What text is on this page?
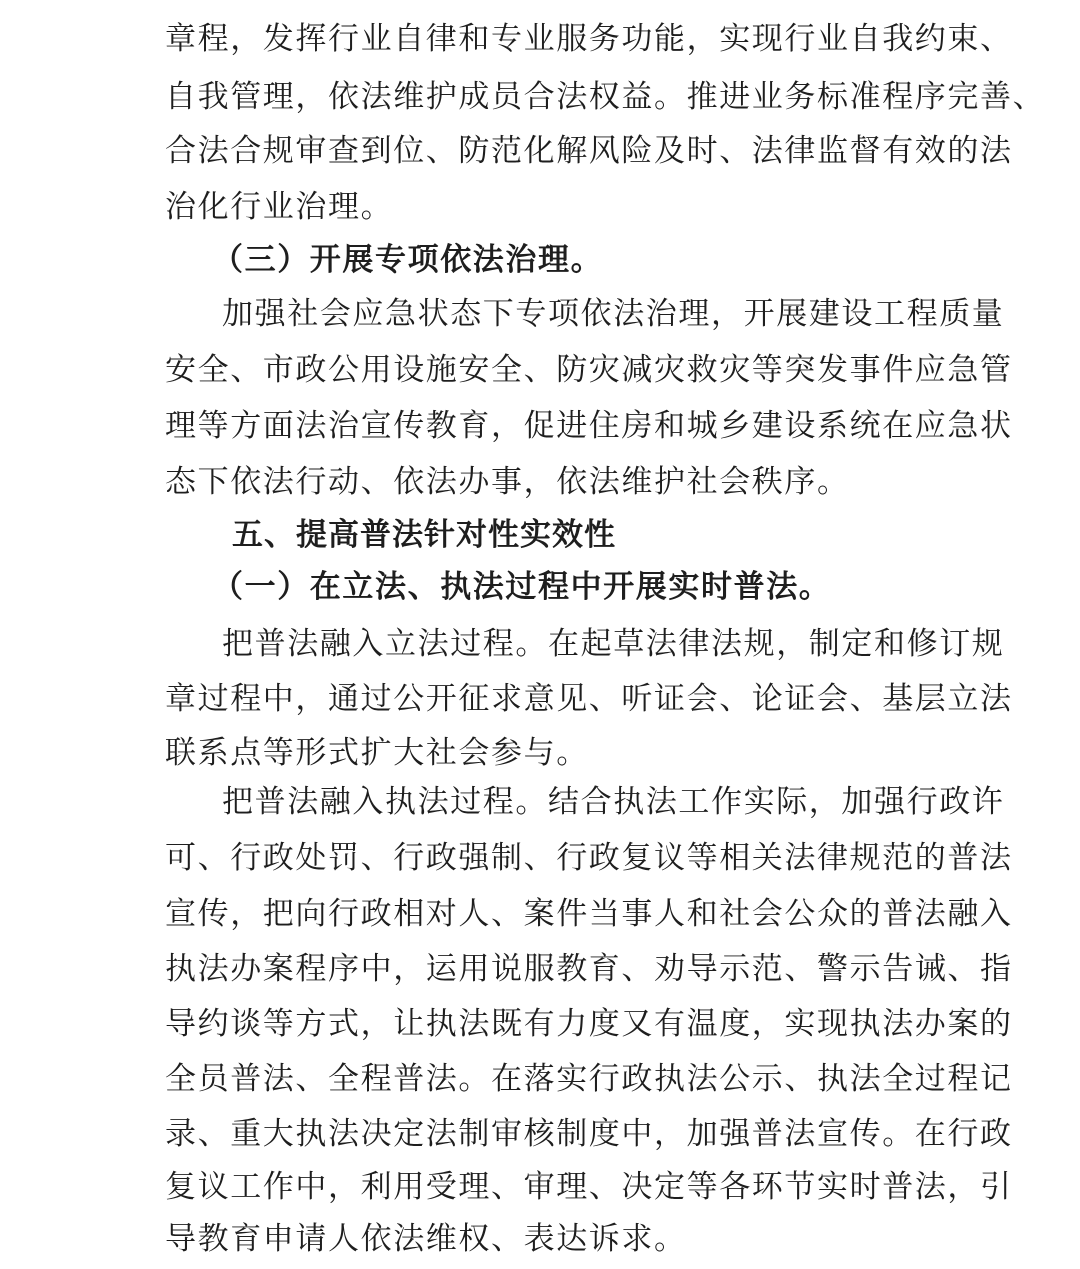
章程，发挥行业自律和专业服务功能，实现行业自我约束、
自我管理，依法维护成员合法权益。推进业务标准程序完善、
合法合规审查到位、防范化解风险及时、法律监督有效的法
治化行业治理。
（三）开展专项依法治理。
加强社会应急状态下专项依法治理，开展建设工程质量
安全、市政公用设施安全、防灾减灾救灾等突发事件应急管
理等方面法治宣传教育，促进住房和城乡建设系统在应急状
态下依法行动、依法办事，依法维护社会秩序。
五、提高普法针对性实效性
（一）在立法、执法过程中开展实时普法。
把普法融入立法过程。在起草法律法规，制定和修订规
章过程中，通过公开征求意见、听证会、论证会、基层立法
联系点等形式扩大社会参与。
把普法融入执法过程。结合执法工作实际，加强行政许
可、行政处罚、行政强制、行政复议等相关法律规范的普法
宣传，把向行政相对人、案件当事人和社会公众的普法融入
执法办案程序中，运用说服教育、劝导示范、警示告诫、指
导约谈等方式，让执法既有力度又有温度，实现执法办案的
全员普法、全程普法。在落实行政执法公示、执法全过程记
录、重大执法决定法制审核制度中，加强普法宣传。在行政
复议工作中，利用受理、审理、决定等各环节实时普法，引
导教育申请人依法维权、表达诉求。
